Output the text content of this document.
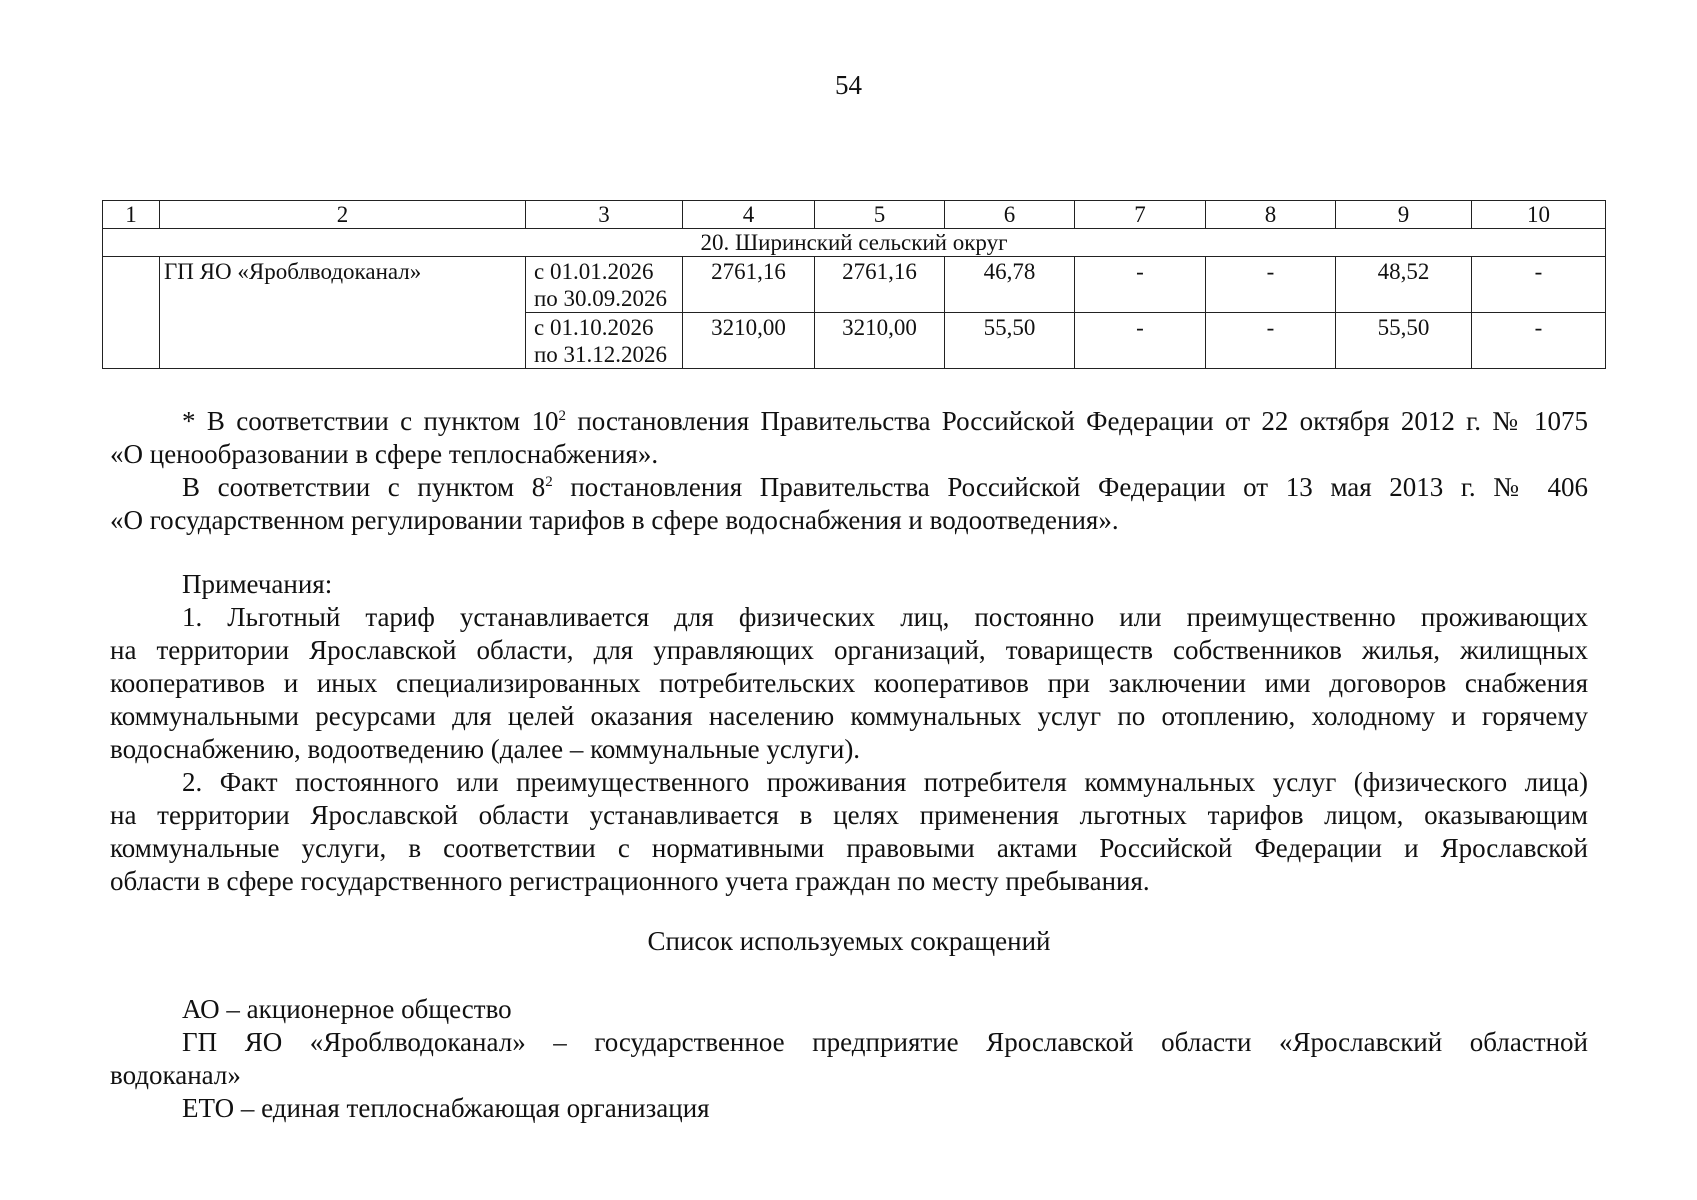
54
1	2	3	4	5	6	7	8	9	10
20. Ширинский сельский округ									
	ГП ЯО «Яроблводоканал»	с 01.01.2026
по 30.09.2026	2761,16	2761,16	46,78	-	-	48,52	-

		с 01.10.2026
по 31.12.2026	3210,00	3210,00	55,50	-	-	55,50	-

* В соответствии с пунктом $10^2$ постановления Правительства Российской Федерации от 22 октября 2012 г. № 1075

«О ценообразовании в сфере теплоснабжения».

В соответствии с пунктом $8^2$ постановления Правительства Российской Федерации от 13 мая 2013 г. № 406

«О государственном регулировании тарифов в сфере водоснабжения и водоотведения».

Примечания:

1. Льготный тариф устанавливается для физических лиц, постоянно или преимущественно проживающих

на территории Ярославской области, для управляющих организаций, товариществ собственников жилья, жилищных

кооперативов и иных специализированных потребительских кооперативов при заключении ими договоров снабжения

коммунальными ресурсами для целей оказания населению коммунальных услуг по отоплению, холодному и горячему

водоснабжению, водоотведению (далее – коммунальные услуги).

2. Факт постоянного или преимущественного проживания потребителя коммунальных услуг (физического лица)

на территории Ярославской области устанавливается в целях применения льготных тарифов лицом, оказывающим

коммунальные услуги, в соответствии с нормативными правовыми актами Российской Федерации и Ярославской

области в сфере государственного регистрационного учета граждан по месту пребывания.

Список используемых сокращений

АО – акционерное общество

ГП ЯО «Яроблводоканал» – государственное предприятие Ярославской области «Ярославский областной

водоканал»

ЕТО – единая теплоснабжающая организация
